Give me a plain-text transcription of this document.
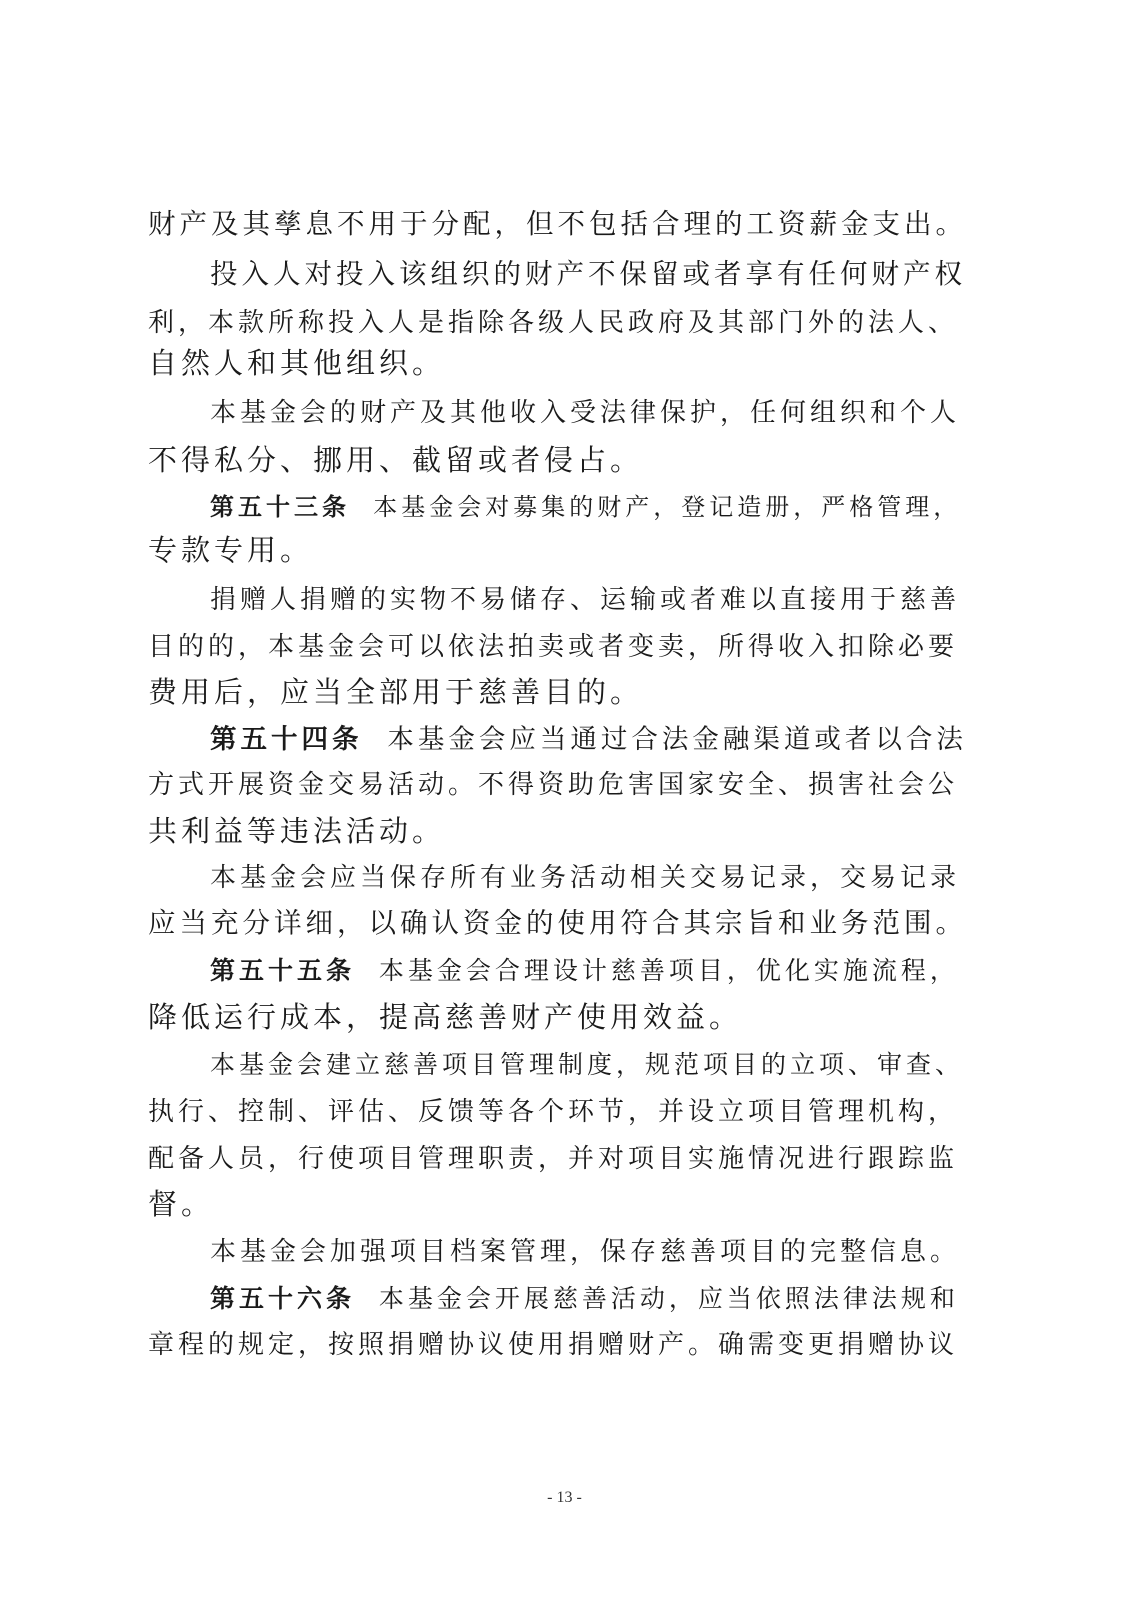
财产及其孳息不用于分配，但不包括合理的工资薪金支出。
投入人对投入该组织的财产不保留或者享有任何财产权
利，本款所称投入人是指除各级人民政府及其部门外的法人、
自然人和其他组织。
本基金会的财产及其他收入受法律保护，任何组织和个人
不得私分、挪用、截留或者侵占。
第五十三条 本基金会对募集的财产，登记造册，严格管理，
专款专用。
捐赠人捐赠的实物不易储存、运输或者难以直接用于慈善
目的的，本基金会可以依法拍卖或者变卖，所得收入扣除必要
费用后，应当全部用于慈善目的。
第五十四条 本基金会应当通过合法金融渠道或者以合法
方式开展资金交易活动。不得资助危害国家安全、损害社会公
共利益等违法活动。
本基金会应当保存所有业务活动相关交易记录，交易记录
应当充分详细，以确认资金的使用符合其宗旨和业务范围。
第五十五条 本基金会合理设计慈善项目，优化实施流程，
降低运行成本，提高慈善财产使用效益。
本基金会建立慈善项目管理制度，规范项目的立项、审查、
执行、控制、评估、反馈等各个环节，并设立项目管理机构，
配备人员，行使项目管理职责，并对项目实施情况进行跟踪监
督。
本基金会加强项目档案管理，保存慈善项目的完整信息。
第五十六条 本基金会开展慈善活动，应当依照法律法规和
章程的规定，按照捐赠协议使用捐赠财产。确需变更捐赠协议
- 13 -
